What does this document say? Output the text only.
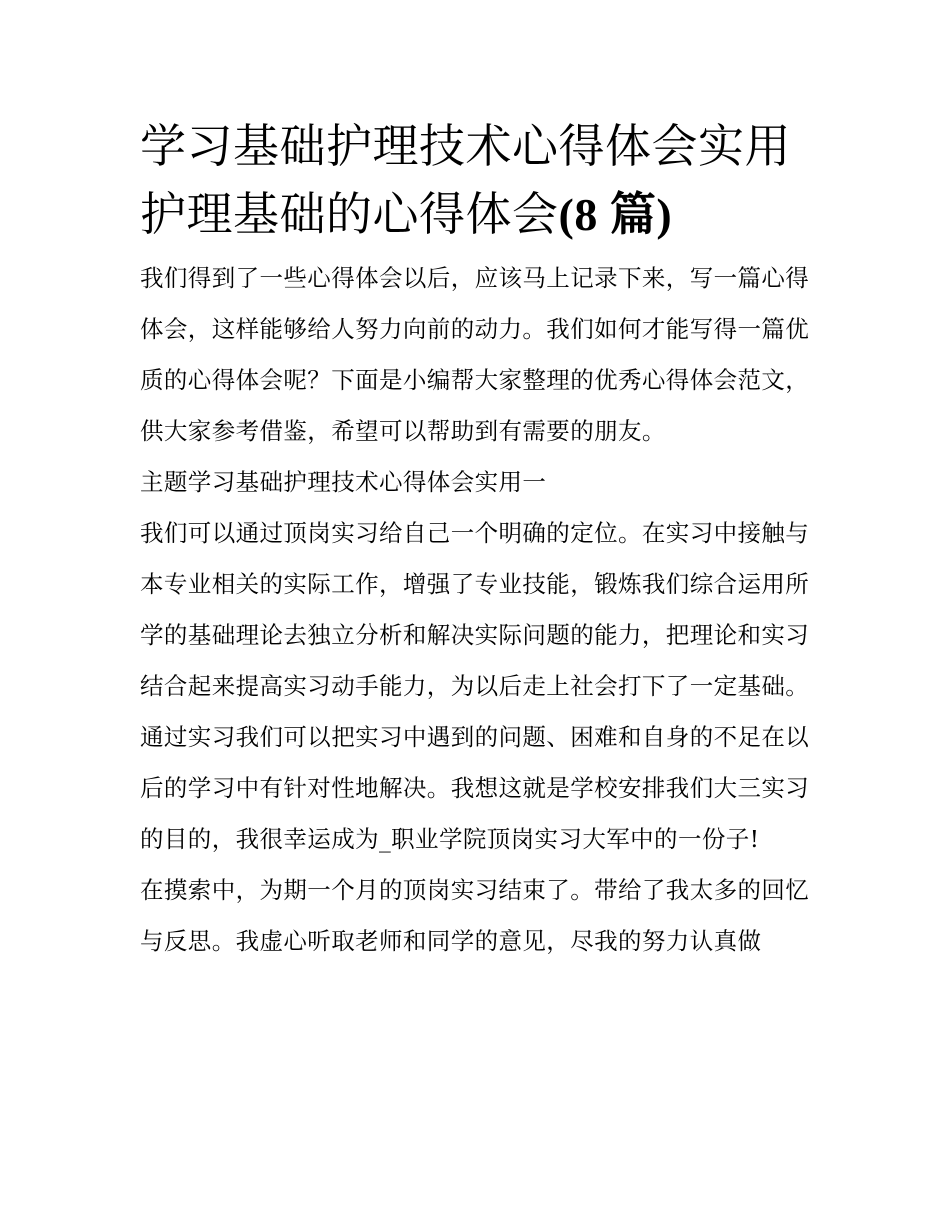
学习基础护理技术心得体会实用 护理基础的心得体会(8 篇)

我们得到了一些心得体会以后，应该马上记录下来，写一篇心得体会，这样能够给人努力向前的动力。我们如何才能写得一篇优质的心得体会呢？下面是小编帮大家整理的优秀心得体会范文，供大家参考借鉴，希望可以帮助到有需要的朋友。

主题学习基础护理技术心得体会实用一

我们可以通过顶岗实习给自己一个明确的定位。在实习中接触与本专业相关的实际工作，增强了专业技能，锻炼我们综合运用所学的基础理论去独立分析和解决实际问题的能力，把理论和实习结合起来提高实习动手能力，为以后走上社会打下了一定基础。

通过实习我们可以把实习中遇到的问题、困难和自身的不足在以后的学习中有针对性地解决。我想这就是学校安排我们大三实习的目的，我很幸运成为_职业学院顶岗实习大军中的一份子!

在摸索中，为期一个月的顶岗实习结束了。带给了我太多的回忆与反思。我虚心听取老师和同学的意见，尽我的努力认真做
